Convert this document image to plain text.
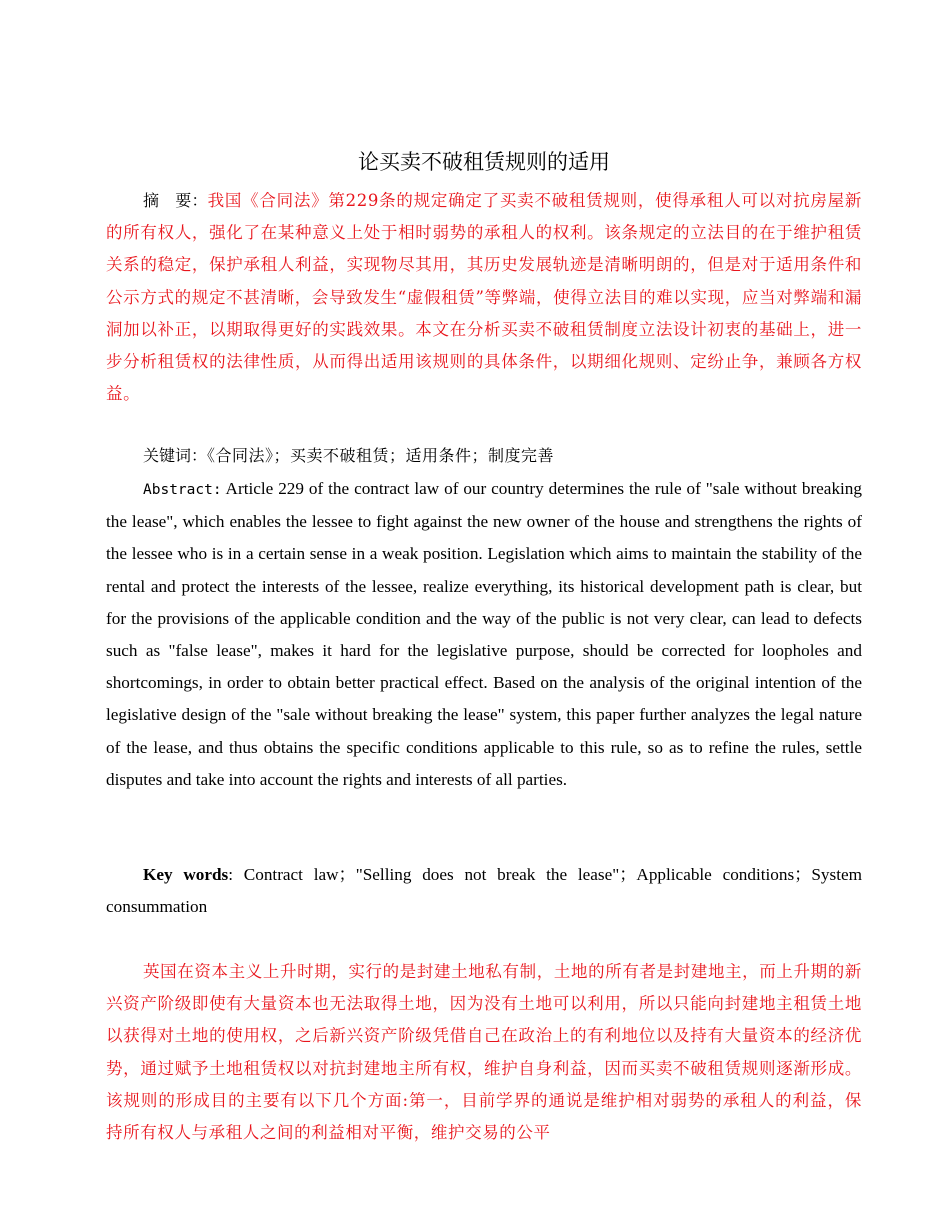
论买卖不破租赁规则的适用

摘　要：我国《合同法》第229条的规定确定了买卖不破租赁规则，使得承租人可以对抗房屋新的所有权人，强化了在某种意义上处于相时弱势的承租人的权利。该条规定的立法目的在于维护租赁关系的稳定，保护承租人利益，实现物尽其用，其历史发展轨迹是清晰明朗的，但是对于适用条件和公示方式的规定不甚清晰，会导致发生“虚假租赁”等弊端，使得立法目的难以实现，应当对弊端和漏洞加以补正，以期取得更好的实践效果。本文在分析买卖不破租赁制度立法设计初衷的基础上，进一步分析租赁权的法律性质，从而得出适用该规则的具体条件，以期细化规则、定纷止争，兼顾各方权益。

关键词：《合同法》；买卖不破租赁；适用条件；制度完善

Abstract: Article 229 of the contract law of our country determines the rule of "sale without breaking the lease", which enables the lessee to fight against the new owner of the house and strengthens the rights of the lessee who is in a certain sense in a weak position. Legislation which aims to maintain the stability of the rental and protect the interests of the lessee, realize everything, its historical development path is clear, but for the provisions of the applicable condition and the way of the public is not very clear, can lead to defects such as "false lease", makes it hard for the legislative purpose, should be corrected for loopholes and shortcomings, in order to obtain better practical effect. Based on the analysis of the original intention of the legislative design of the "sale without breaking the lease" system, this paper further analyzes the legal nature of the lease, and thus obtains the specific conditions applicable to this rule, so as to refine the rules, settle disputes and take into account the rights and interests of all parties.

Key words: Contract law；"Selling does not break the lease"；Applicable conditions；System consummation

英国在资本主义上升时期，实行的是封建土地私有制，土地的所有者是封建地主，而上升期的新兴资产阶级即使有大量资本也无法取得土地，因为没有土地可以利用，所以只能向封建地主租赁土地以获得对土地的使用权，之后新兴资产阶级凭借自己在政治上的有利地位以及持有大量资本的经济优势，通过赋予土地租赁权以对抗封建地主所有权，维护自身利益，因而买卖不破租赁规则逐渐形成。该规则的形成目的主要有以下几个方面:第一，目前学界的通说是维护相对弱势的承租人的利益，保持所有权人与承租人之间的利益相对平衡，维护交易的公平
